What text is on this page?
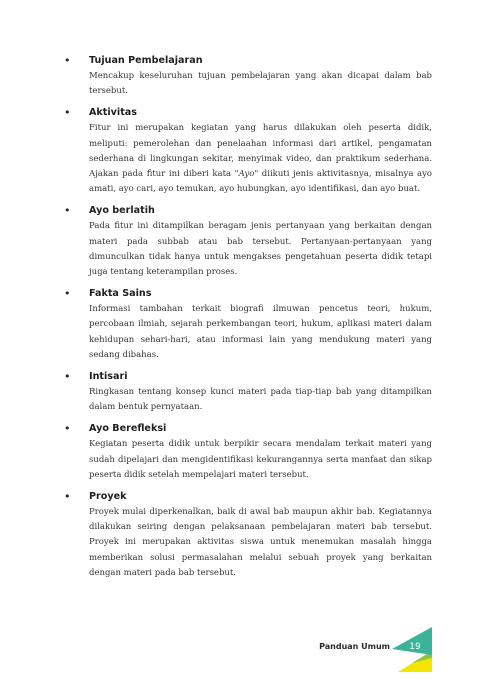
• Tujuan Pembelajaran

Mencakup keseluruhan tujuan pembelajaran yang akan dicapai dalam bab tersebut.

• Aktivitas

Fitur ini merupakan kegiatan yang harus dilakukan oleh peserta didik, meliputi: pemerolehan dan penelaahan informasi dari artikel, pengamatan sederhana di lingkungan sekitar, menyimak video, dan praktikum sederhana. Ajakan pada fitur ini diberi kata "Ayo" diikuti jenis aktivitasnya, misalnya ayo amati, ayo cari, ayo temukan, ayo hubungkan, ayo identifikasi, dan ayo buat.

• Ayo berlatih

Pada fitur ini ditampilkan beragam jenis pertanyaan yang berkaitan dengan materi pada subbab atau bab tersebut. Pertanyaan-pertanyaan yang dimunculkan tidak hanya untuk mengakses pengetahuan peserta didik tetapi juga tentang keterampilan proses.

• Fakta Sains

Informasi tambahan terkait biografi ilmuwan pencetus teori, hukum, percobaan ilmiah, sejarah perkembangan teori, hukum, aplikasi materi dalam kehidupan sehari-hari, atau informasi lain yang mendukung materi yang sedang dibahas.

• Intisari

Ringkasan tentang konsep kunci materi pada tiap-tiap bab yang ditampilkan dalam bentuk pernyataan.

• Ayo Berefleksi

Kegiatan peserta didik untuk berpikir secara mendalam terkait materi yang sudah dipelajari dan mengidentifikasi kekurangannya serta manfaat dan sikap peserta didik setelah mempelajari materi tersebut.

• Proyek

Proyek mulai diperkenalkan, baik di awal bab maupun akhir bab. Kegiatannya dilakukan seiring dengan pelaksanaan pembelajaran materi bab tersebut. Proyek ini merupakan aktivitas siswa untuk menemukan masalah hingga memberikan solusi permasalahan melalui sebuah proyek yang berkaitan dengan materi pada bab tersebut.

Panduan Umum	19
